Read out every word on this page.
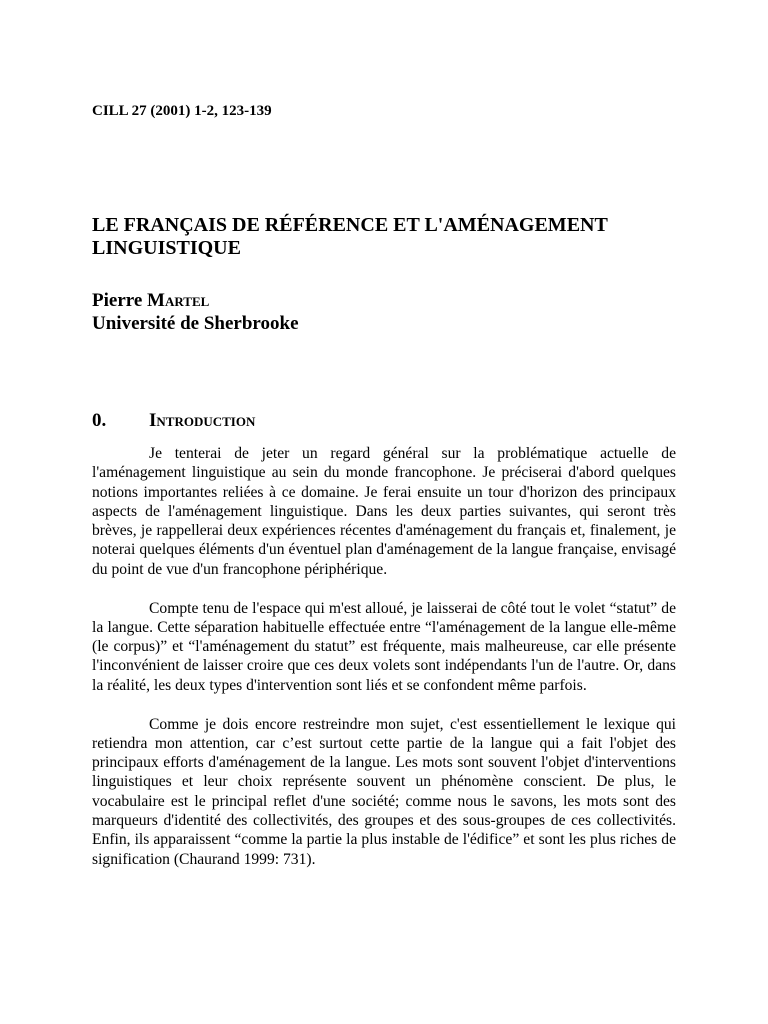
CILL 27 (2001) 1-2, 123-139
LE FRANÇAIS DE RÉFÉRENCE ET L'AMÉNAGEMENT
LINGUISTIQUE
Pierre Martel
Université de Sherbrooke
0. Introduction

Je tenterai de jeter un regard général sur la problématique actuelle de l'aménagement linguistique au sein du monde francophone. Je préciserai d'abord quelques notions importantes reliées à ce domaine. Je ferai ensuite un tour d'horizon des principaux aspects de l'aménagement linguistique. Dans les deux parties suivantes, qui seront très brèves, je rappellerai deux expériences récentes d'aménagement du français et, finalement, je noterai quelques éléments d'un éventuel plan d'aménagement de la langue française, envisagé du point de vue d'un francophone périphérique.

Compte tenu de l'espace qui m'est alloué, je laisserai de côté tout le volet “statut” de la langue. Cette séparation habituelle effectuée entre “l'aménagement de la langue elle-même (le corpus)” et “l'aménagement du statut” est fréquente, mais malheureuse, car elle présente l'inconvénient de laisser croire que ces deux volets sont indépendants l'un de l'autre. Or, dans la réalité, les deux types d'intervention sont liés et se confondent même parfois.

Comme je dois encore restreindre mon sujet, c'est essentiellement le lexique qui retiendra mon attention, car c’est surtout cette partie de la langue qui a fait l'objet des principaux efforts d'aménagement de la langue. Les mots sont souvent l'objet d'interventions linguistiques et leur choix représente souvent un phénomène conscient. De plus, le vocabulaire est le principal reflet d'une société; comme nous le savons, les mots sont des marqueurs d'identité des collectivités, des groupes et des sous-groupes de ces collectivités. Enfin, ils apparaissent “comme la partie la plus instable de l'édifice” et sont les plus riches de signification (Chaurand 1999: 731).
